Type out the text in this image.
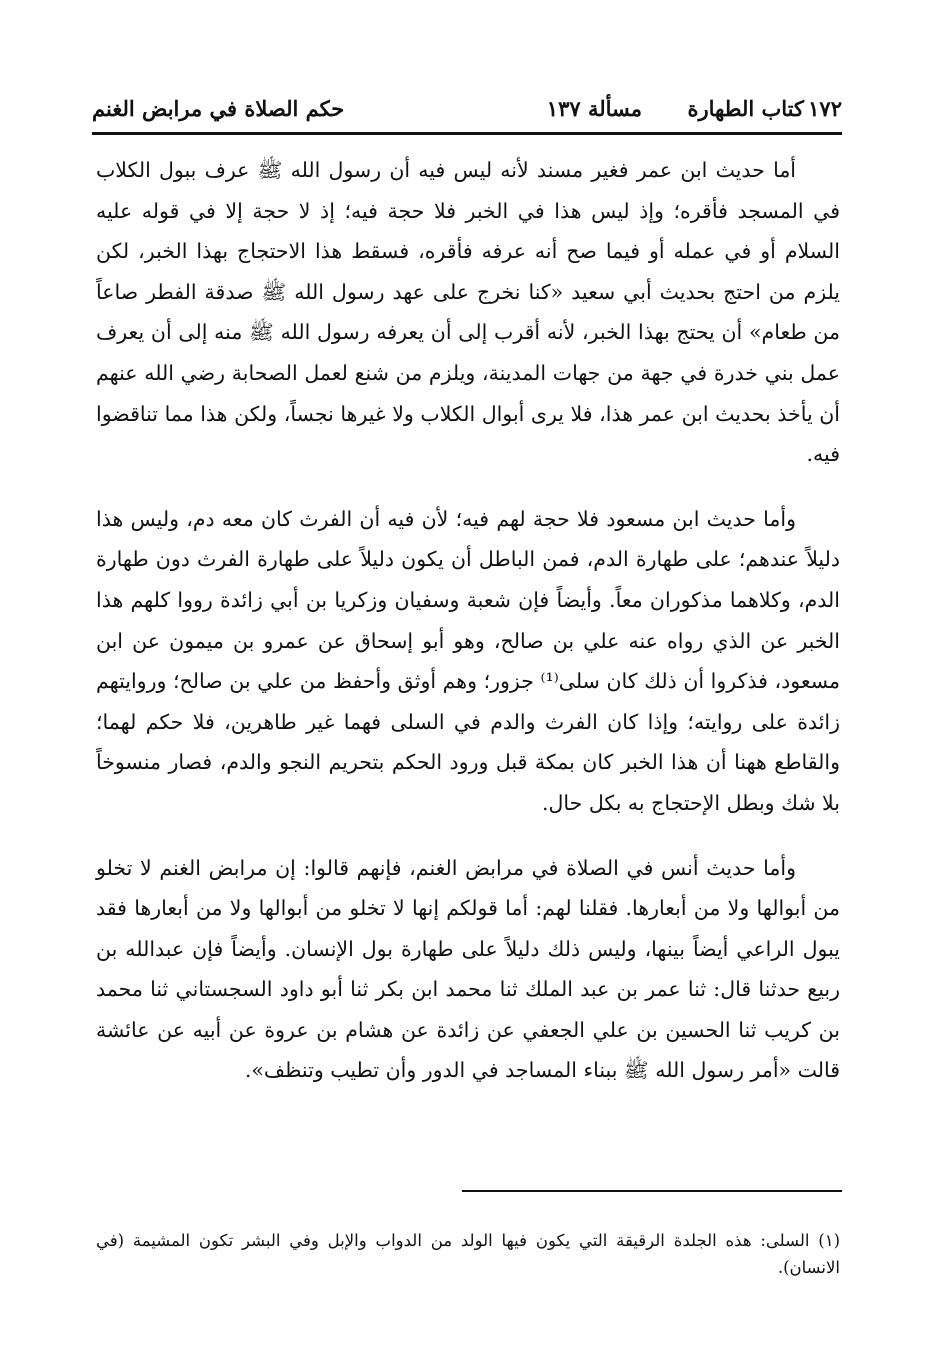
١٧٢
كتاب الطهارة
مسألة ١٣٧
حكم الصلاة في مرابض الغنم

أما حديث ابن عمر فغير مسند لأنه ليس فيه أن رسول الله ﷺ عرف ببول الكلاب في المسجد فأقره؛ وإذ ليس هذا في الخبر فلا حجة فيه؛ إذ لا حجة إلا في قوله عليه السلام أو في عمله أو فيما صح أنه عرفه فأقره، فسقط هذا الاحتجاج بهذا الخبر، لكن يلزم من احتج بحديث أبي سعيد «كنا نخرج على عهد رسول الله ﷺ صدقة الفطر صاعاً من طعام» أن يحتج بهذا الخبر، لأنه أقرب إلى أن يعرفه رسول الله ﷺ منه إلى أن يعرف عمل بني خدرة في جهة من جهات المدينة، ويلزم من شنع لعمل الصحابة رضي الله عنهم أن يأخذ بحديث ابن عمر هذا، فلا يرى أبوال الكلاب ولا غيرها نجساً، ولكن هذا مما تناقضوا فيه.

وأما حديث ابن مسعود فلا حجة لهم فيه؛ لأن فيه أن الفرث كان معه دم، وليس هذا دليلاً عندهم؛ على طهارة الدم، فمن الباطل أن يكون دليلاً على طهارة الفرث دون طهارة الدم، وكلاهما مذكوران معاً. وأيضاً فإن شعبة وسفيان وزكريا بن أبي زائدة رووا كلهم هذا الخبر عن الذي رواه عنه علي بن صالح، وهو أبو إسحاق عن عمرو بن ميمون عن ابن مسعود، فذكروا أن ذلك كان سلى⁽¹⁾ جزور؛ وهم أوثق وأحفظ من علي بن صالح؛ وروايتهم زائدة على روايته؛ وإذا كان الفرث والدم في السلى فهما غير طاهرين، فلا حكم لهما؛ والقاطع ههنا أن هذا الخبر كان بمكة قبل ورود الحكم بتحريم النجو والدم، فصار منسوخاً بلا شك وبطل الإحتجاج به بكل حال.

وأما حديث أنس في الصلاة في مرابض الغنم، فإنهم قالوا: إن مرابض الغنم لا تخلو من أبوالها ولا من أبعارها. فقلنا لهم: أما قولكم إنها لا تخلو من أبوالها ولا من أبعارها فقد يبول الراعي أيضاً بينها، وليس ذلك دليلاً على طهارة بول الإنسان. وأيضاً فإن عبدالله بن ربيع حدثنا قال: ثنا عمر بن عبد الملك ثنا محمد ابن بكر ثنا أبو داود السجستاني ثنا محمد بن كريب ثنا الحسين بن علي الجعفي عن زائدة عن هشام بن عروة عن أبيه عن عائشة قالت «أمر رسول الله ﷺ ببناء المساجد في الدور وأن تطيب وتنظف».

(١) السلى: هذه الجلدة الرقيقة التي يكون فيها الولد من الدواب والإبل وفي البشر تكون المشيمة (في الانسان).
